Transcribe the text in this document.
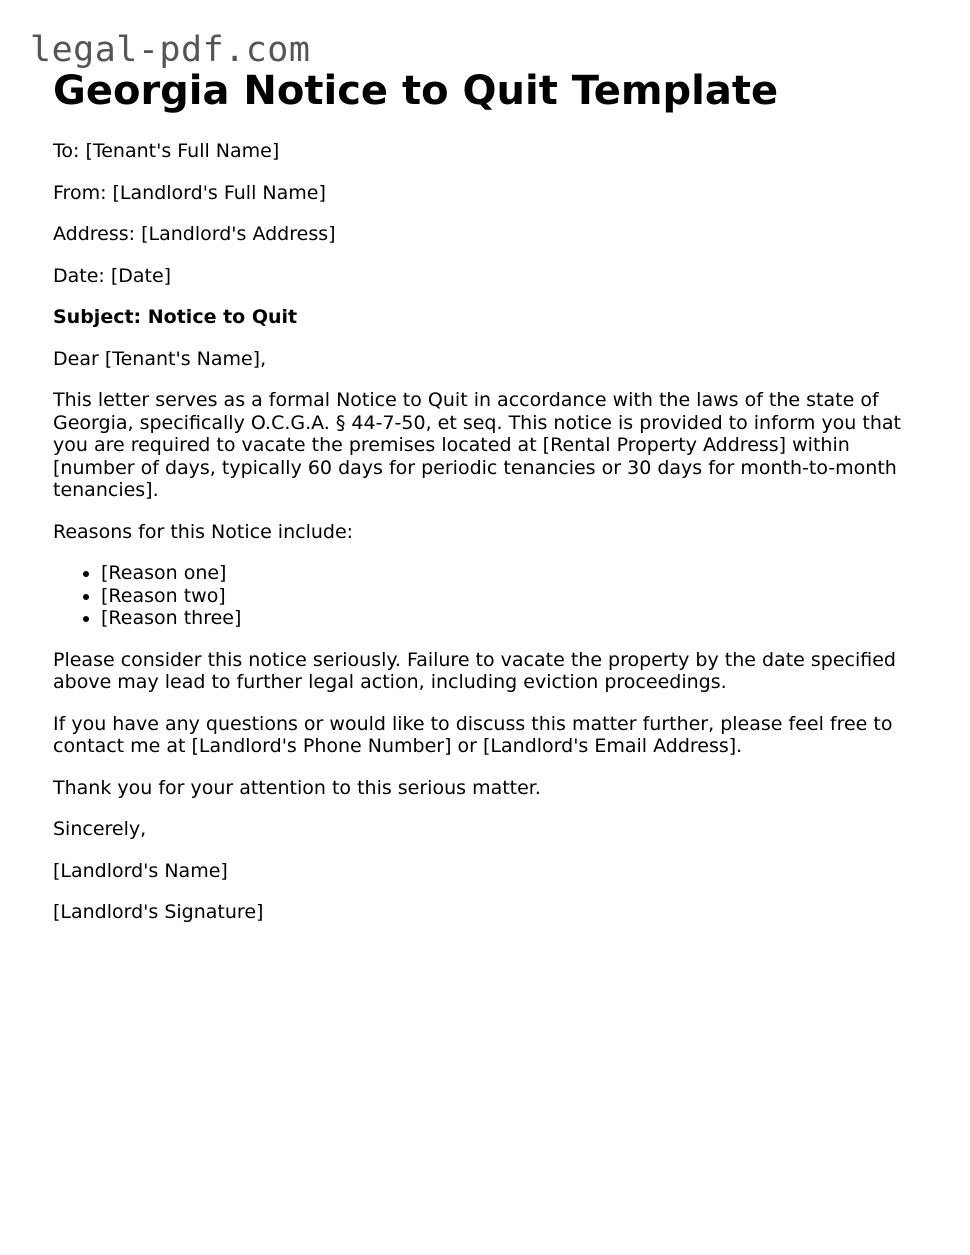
legal-pdf.com
Georgia Notice to Quit Template

To: [Tenant's Full Name]

From: [Landlord's Full Name]

Address: [Landlord's Address]

Date: [Date]

Subject: Notice to Quit

Dear [Tenant's Name],

This letter serves as a formal Notice to Quit in accordance with the laws of the state of Georgia, specifically O.C.G.A. § 44-7-50, et seq. This notice is provided to inform you that you are required to vacate the premises located at [Rental Property Address] within [number of days, typically 60 days for periodic tenancies or 30 days for month-to-month tenancies].

Reasons for this Notice include:

• [Reason one]
• [Reason two]
• [Reason three]

Please consider this notice seriously. Failure to vacate the property by the date specified above may lead to further legal action, including eviction proceedings.

If you have any questions or would like to discuss this matter further, please feel free to contact me at [Landlord's Phone Number] or [Landlord's Email Address].

Thank you for your attention to this serious matter.

Sincerely,

[Landlord's Name]

[Landlord's Signature]
